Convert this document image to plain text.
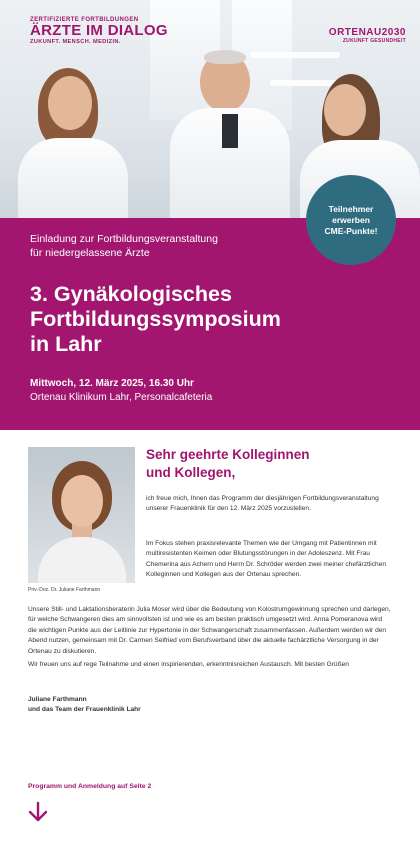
ZERTIFIZIERTE FORTBILDUNGEN
ÄRZTE IM DIALOG
ZUKUNFT. MENSCH. MEDIZIN.
ORTENAU2030
ZUKUNFT GESUNDHEIT
Einladung zur Fortbildungsveranstaltung
für niedergelassene Ärzte
3. Gynäkologisches
Fortbildungssymposium
in Lahr
Mittwoch, 12. März 2025, 16.30 Uhr
Ortenau Klinikum Lahr, Personalcafeteria
Teilnehmer
erwerben
CME-Punkte!
Priv.-Doz. Dr. Juliane Farthmann
Sehr geehrte Kolleginnen
und Kollegen,
ich freue mich, Ihnen das Programm der diesjährigen Fortbildungsveranstaltung unserer Frauenklinik für den 12. März 2025 vorzustellen.
Im Fokus stehen praxisrelevante Themen wie der Umgang mit Patientinnen mit multiresistenten Keimen oder Blutungsstörungen in der Adoleszenz. Mit Frau Chemerina aus Achern und Herrn Dr. Schröder werden zwei meiner chefärztlichen Kolleginnen und Kollegen aus der Ortenau sprechen.
Unsere Still- und Laktationsberaterin Julia Moser wird über die Bedeutung von Kolostrumgewinnung sprechen und darlegen, für welche Schwangeren dies am sinnvollsten ist und wie es am besten praktisch umgesetzt wird. Anna Pomeranova wird die wichtigen Punkte aus der Leitlinie zur Hypertonie in der Schwangerschaft zusammenfassen. Außerdem werden wir den Abend nutzen, gemeinsam mit Dr. Carmen Seifried vom Berufsverband über die aktuelle fachärztliche Versorgung in der Ortenau zu diskutieren.
Wir freuen uns auf rege Teilnahme und einen inspirierenden, erkenntnisreichen Austausch. Mit besten Grüßen
Juliane Farthmann
und das Team der Frauenklinik Lahr
Programm und Anmeldung auf Seite 2
